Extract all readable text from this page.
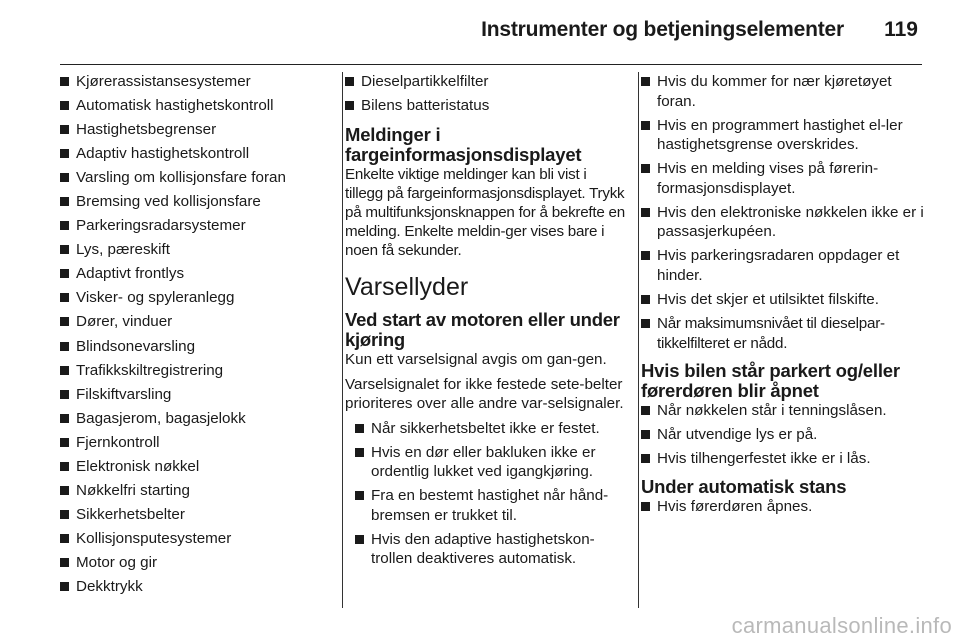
Instrumenter og betjeningselementer 119
Kjørerassistansesystemer
Automatisk hastighetskontroll
Hastighetsbegrenser
Adaptiv hastighetskontroll
Varsling om kollisjonsfare foran
Bremsing ved kollisjonsfare
Parkeringsradarsystemer
Lys, pæreskift
Adaptivt frontlys
Visker- og spyleranlegg
Dører, vinduer
Blindsonevarsling
Trafikkskiltregistrering
Filskiftvarsling
Bagasjerom, bagasjelokk
Fjernkontroll
Elektronisk nøkkel
Nøkkelfri starting
Sikkerhetsbelter
Kollisjonsputesystemer
Motor og gir
Dekktrykk
Dieselpartikkelfilter
Bilens batteristatus
Meldinger i fargeinformasjonsdisplayet

Enkelte viktige meldinger kan bli vist i tillegg på fargeinformasjonsdisplayet. Trykk på multifunksjonsknappen for å bekrefte en melding. Enkelte meldin-ger vises bare i noen få sekunder.

Varsellyder
Ved start av motoren eller under kjøring

Kun ett varselsignal avgis om gan-gen.

Varselsignalet for ikke festede sete-belter prioriteres over alle andre var-selsignaler.

Når sikkerhetsbeltet ikke er festet.
Hvis en dør eller bakluken ikke er ordentlig lukket ved igangkjøring.
Fra en bestemt hastighet når hånd-bremsen er trukket til.
Hvis den adaptive hastighetskon-trollen deaktiveres automatisk.
Hvis du kommer for nær kjøretøyet foran.
Hvis en programmert hastighet el-ler hastighetsgrense overskrides.
Hvis en melding vises på førerin-formasjonsdisplayet.
Hvis den elektroniske nøkkelen ikke er i passasjerkupéen.
Hvis parkeringsradaren oppdager et hinder.
Hvis det skjer et utilsiktet filskifte.
Når maksimumsnivået til dieselpar-tikkelfilteret er nådd.
Hvis bilen står parkert og/eller førerdøren blir åpnet
Når nøkkelen står i tenningslåsen.
Når utvendige lys er på.
Hvis tilhengerfestet ikke er i lås.
Under automatisk stans
Hvis førerdøren åpnes.
carmanualsonline.info
